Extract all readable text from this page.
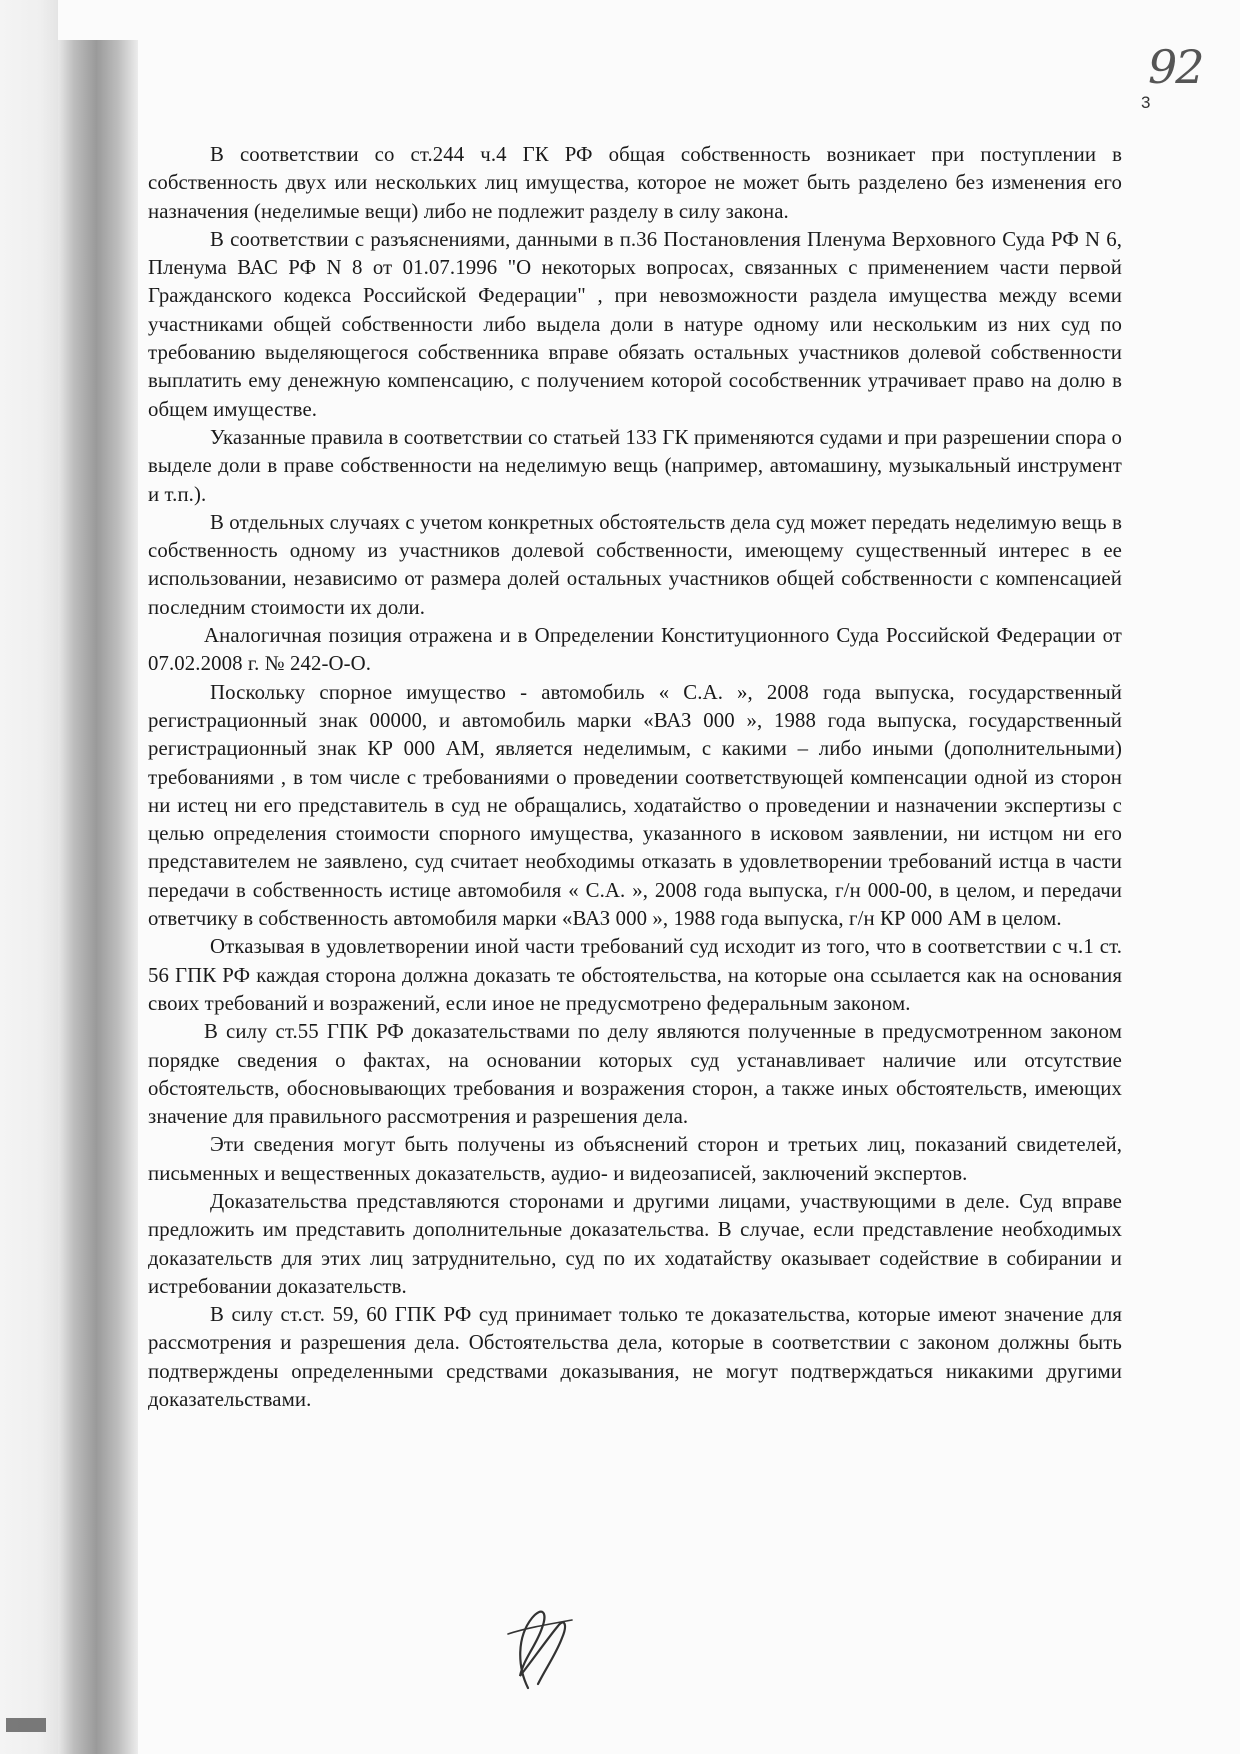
92
3

В соответствии со ст.244 ч.4 ГК РФ общая собственность возникает при поступлении в собственность двух или нескольких лиц имущества, которое не может быть разделено без изменения его назначения (неделимые вещи) либо не подлежит разделу в силу закона.

В соответствии с разъяснениями, данными в п.36 Постановления Пленума Верховного Суда РФ N 6, Пленума ВАС РФ N 8 от 01.07.1996 "О некоторых вопросах, связанных с применением части первой Гражданского кодекса Российской Федерации" , при невозможности раздела имущества между всеми участниками общей собственности либо выдела доли в натуре одному или нескольким из них суд по требованию выделяющегося собственника вправе обязать остальных участников долевой собственности выплатить ему денежную компенсацию, с получением которой сособственник утрачивает право на долю в общем имуществе.

Указанные правила в соответствии со статьей 133 ГК применяются судами и при разрешении спора о выделе доли в праве собственности на неделимую вещь (например, автомашину, музыкальный инструмент и т.п.).

В отдельных случаях с учетом конкретных обстоятельств дела суд может передать неделимую вещь в собственность одному из участников долевой собственности, имеющему существенный интерес в ее использовании, независимо от размера долей остальных участников общей собственности с компенсацией последним стоимости их доли.

Аналогичная позиция отражена и в Определении Конституционного Суда Российской Федерации от 07.02.2008 г. № 242-О-О.

Поскольку спорное имущество - автомобиль « С.А. », 2008 года выпуска, государственный регистрационный знак 00000, и автомобиль марки «ВАЗ 000 », 1988 года выпуска, государственный регистрационный знак КР 000 АМ, является неделимым, с какими – либо иными (дополнительными) требованиями , в том числе с требованиями о проведении соответствующей компенсации одной из сторон ни истец ни его представитель в суд не обращались, ходатайство о проведении и назначении экспертизы с целью определения стоимости спорного имущества, указанного в исковом заявлении, ни истцом ни его представителем не заявлено, суд считает необходимы отказать в удовлетворении требований истца в части передачи в собственность истице автомобиля « С.А. », 2008 года выпуска, г/н 000-00, в целом, и передачи ответчику в собственность автомобиля марки «ВАЗ 000 », 1988 года выпуска, г/н КР 000 АМ в целом.

Отказывая в удовлетворении иной части требований суд исходит из того, что в соответствии с ч.1 ст. 56 ГПК РФ каждая сторона должна доказать те обстоятельства, на которые она ссылается как на основания своих требований и возражений, если иное не предусмотрено федеральным законом.

В силу ст.55 ГПК РФ доказательствами по делу являются полученные в предусмотренном законом порядке сведения о фактах, на основании которых суд устанавливает наличие или отсутствие обстоятельств, обосновывающих требования и возражения сторон, а также иных обстоятельств, имеющих значение для правильного рассмотрения и разрешения дела.

Эти сведения могут быть получены из объяснений сторон и третьих лиц, показаний свидетелей, письменных и вещественных доказательств, аудио- и видеозаписей, заключений экспертов.

Доказательства представляются сторонами и другими лицами, участвующими в деле. Суд вправе предложить им представить дополнительные доказательства. В случае, если представление необходимых доказательств для этих лиц затруднительно, суд по их ходатайству оказывает содействие в собирании и истребовании доказательств.

В силу ст.ст. 59, 60 ГПК РФ суд принимает только те доказательства, которые имеют значение для рассмотрения и разрешения дела. Обстоятельства дела, которые в соответствии с законом должны быть подтверждены определенными средствами доказывания, не могут подтверждаться никакими другими доказательствами.
